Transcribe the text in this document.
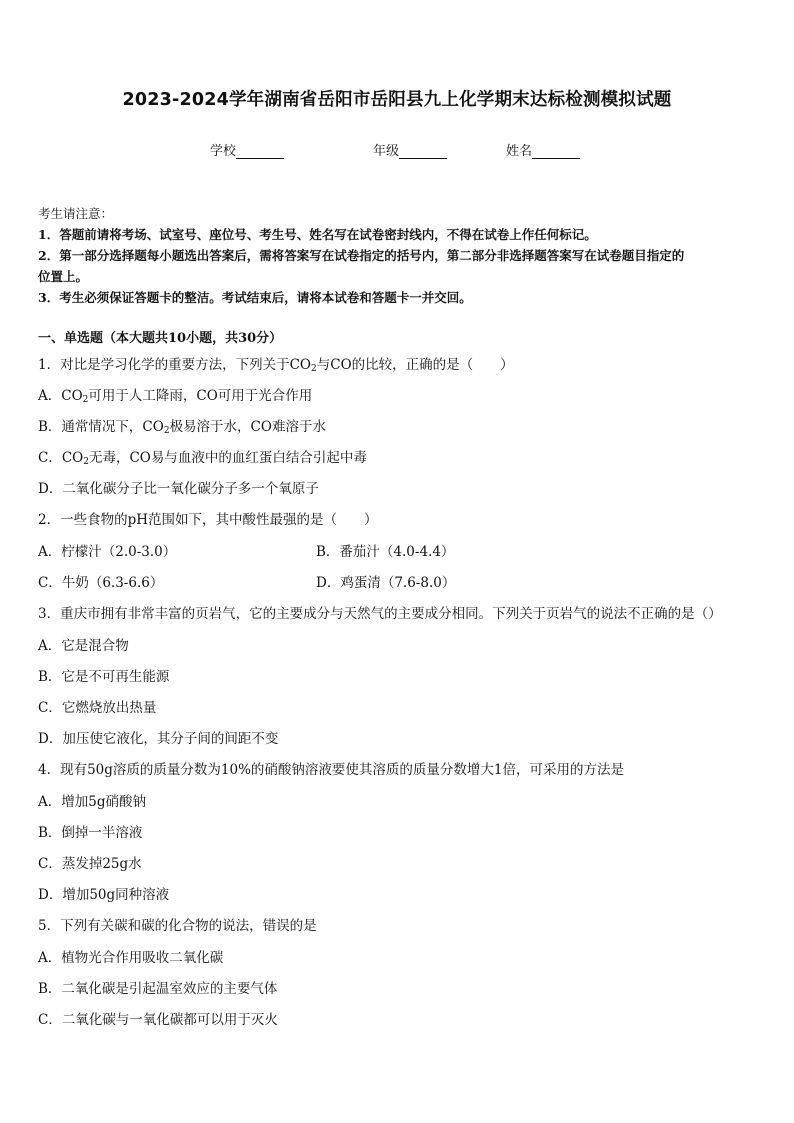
2023-2024学年湖南省岳阳市岳阳县九上化学期末达标检测模拟试题
学校	年级	姓名
考生请注意：
1．答题前请将考场、试室号、座位号、考生号、姓名写在试卷密封线内，不得在试卷上作任何标记。
2．第一部分选择题每小题选出答案后，需将答案写在试卷指定的括号内，第二部分非选择题答案写在试卷题目指定的
位置上。
3．考生必须保证答题卡的整洁。考试结束后，请将本试卷和答题卡一并交回。
一、单选题（本大题共10小题，共30分）
1．对比是学习化学的重要方法，下列关于$CO_2$与CO的比较，正确的是（　　）
A．$CO_2$可用于人工降雨，CO可用于光合作用
B．通常情况下，$CO_2$极易溶于水，CO难溶于水
C．$CO_2$无毒，CO易与血液中的血红蛋白结合引起中毒
D．二氧化碳分子比一氧化碳分子多一个氧原子
2．一些食物的pH范围如下，其中酸性最强的是（　　）
A．柠檬汁（2.0-3.0）	B．番茄汁（4.0-4.4）
C．牛奶（6.3-6.6）	D．鸡蛋清（7.6-8.0）
3．重庆市拥有非常丰富的页岩气，它的主要成分与天然气的主要成分相同。下列关于页岩气的说法不正确的是（）
A．它是混合物
B．它是不可再生能源
C．它燃烧放出热量
D．加压使它液化，其分子间的间距不变
4．现有50g溶质的质量分数为10%的硝酸钠溶液要使其溶质的质量分数增大1倍，可采用的方法是
A．增加5g硝酸钠
B．倒掉一半溶液
C．蒸发掉25g水
D．增加50g同种溶液
5．下列有关碳和碳的化合物的说法，错误的是
A．植物光合作用吸收二氧化碳
B．二氧化碳是引起温室效应的主要气体
C．二氧化碳与一氧化碳都可以用于灭火
